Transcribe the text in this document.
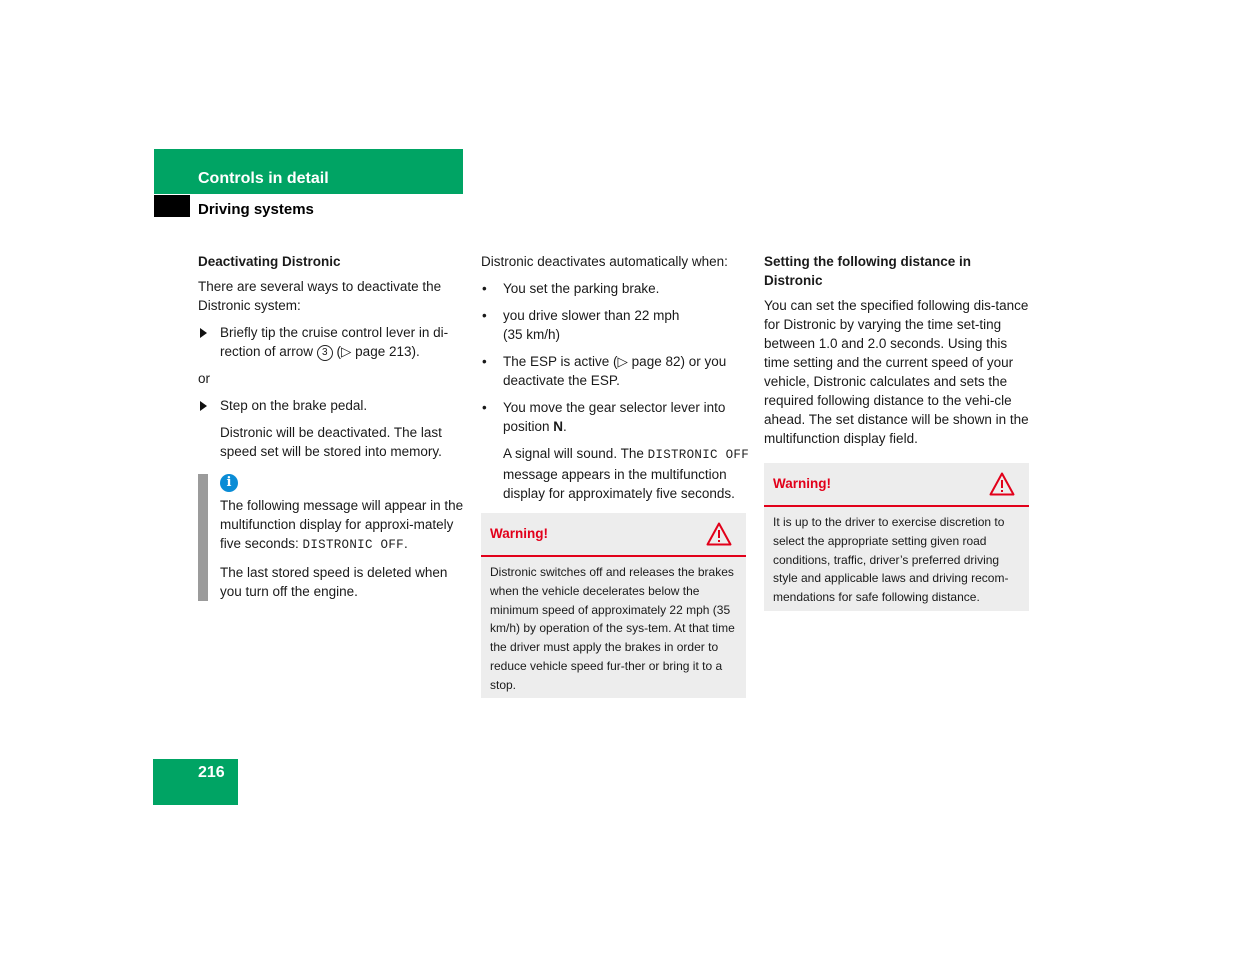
Controls in detail
Driving systems

Deactivating Distronic

There are several ways to deactivate the Distronic system:

Briefly tip the cruise control lever in di-rection of arrow 3 (▷ page 213).

or

Step on the brake pedal.

Distronic will be deactivated. The last speed set will be stored into memory.

i

The following message will appear in the multifunction display for approxi-mately five seconds: DISTRONIC OFF.

The last stored speed is deleted when you turn off the engine.

Distronic deactivates automatically when:

• You set the parking brake.

• you drive slower than 22 mph (35 km/h)

• The ESP is active (▷ page 82) or you deactivate the ESP.

• You move the gear selector lever into position N.

A signal will sound. The DISTRONIC OFF message appears in the multifunction display for approximately five seconds.

Warning!
Distronic switches off and releases the brakes when the vehicle decelerates below the minimum speed of approximately 22 mph (35 km/h) by operation of the sys-tem. At that time the driver must apply the brakes in order to reduce vehicle speed fur-ther or bring it to a stop.

Setting the following distance in Distronic

You can set the specified following dis-tance for Distronic by varying the time set-ting between 1.0 and 2.0 seconds. Using this time setting and the current speed of your vehicle, Distronic calculates and sets the required following distance to the vehi-cle ahead. The set distance will be shown in the multifunction display field.

Warning!
It is up to the driver to exercise discretion to select the appropriate setting given road conditions, traffic, driver’s preferred driving style and applicable laws and driving recom-mendations for safe following distance.
216
